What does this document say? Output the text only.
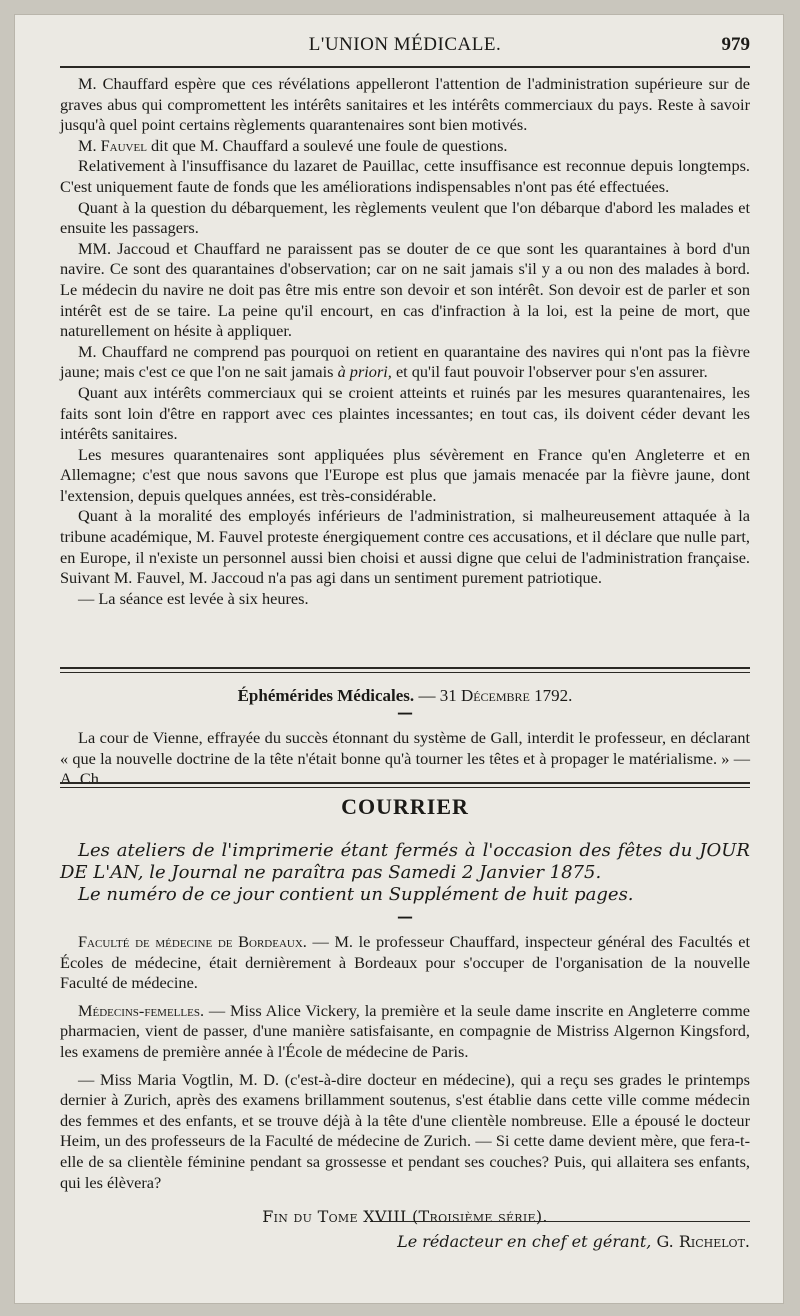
L'UNION MÉDICALE.	979

M. Chauffard espère que ces révélations appelleront l'attention de l'administration supérieure sur de graves abus qui compromettent les intérêts sanitaires et les intérêts commerciaux du pays. Reste à savoir jusqu'à quel point certains règlements quarantenaires sont bien motivés.

M. Fauvel dit que M. Chauffard a soulevé une foule de questions.

Relativement à l'insuffisance du lazaret de Pauillac, cette insuffisance est reconnue depuis longtemps. C'est uniquement faute de fonds que les améliorations indispensables n'ont pas été effectuées.

Quant à la question du débarquement, les règlements veulent que l'on débarque d'abord les malades et ensuite les passagers.

MM. Jaccoud et Chauffard ne paraissent pas se douter de ce que sont les quarantaines à bord d'un navire. Ce sont des quarantaines d'observation; car on ne sait jamais s'il y a ou non des malades à bord. Le médecin du navire ne doit pas être mis entre son devoir et son intérêt. Son devoir est de parler et son intérêt est de se taire. La peine qu'il encourt, en cas d'infraction à la loi, est la peine de mort, que naturellement on hésite à appliquer.

M. Chauffard ne comprend pas pourquoi on retient en quarantaine des navires qui n'ont pas la fièvre jaune; mais c'est ce que l'on ne sait jamais à priori, et qu'il faut pouvoir l'observer pour s'en assurer.

Quant aux intérêts commerciaux qui se croient atteints et ruinés par les mesures quarantenaires, les faits sont loin d'être en rapport avec ces plaintes incessantes; en tout cas, ils doivent céder devant les intérêts sanitaires.

Les mesures quarantenaires sont appliquées plus sévèrement en France qu'en Angleterre et en Allemagne; c'est que nous savons que l'Europe est plus que jamais menacée par la fièvre jaune, dont l'extension, depuis quelques années, est très-considérable.

Quant à la moralité des employés inférieurs de l'administration, si malheureusement attaquée à la tribune académique, M. Fauvel proteste énergiquement contre ces accusations, et il déclare que nulle part, en Europe, il n'existe un personnel aussi bien choisi et aussi digne que celui de l'administration française. Suivant M. Fauvel, M. Jaccoud n'a pas agi dans un sentiment purement patriotique.

— La séance est levée à six heures.

Éphémérides Médicales. — 31 Décembre 1792.
—

La cour de Vienne, effrayée du succès étonnant du système de Gall, interdit le professeur, en déclarant « que la nouvelle doctrine de la tête n'était bonne qu'à tourner les têtes et à propager le matérialisme. » — A. Ch.

COURRIER
Les ateliers de l'imprimerie étant fermés à l'occasion des fêtes du JOUR DE L'AN, le Journal ne paraîtra pas Samedi 2 Janvier 1875.
Le numéro de ce jour contient un Supplément de huit pages.
—

Faculté de médecine de Bordeaux. — M. le professeur Chauffard, inspecteur général des Facultés et Écoles de médecine, était dernièrement à Bordeaux pour s'occuper de l'organisation de la nouvelle Faculté de médecine.

Médecins-femelles. — Miss Alice Vickery, la première et la seule dame inscrite en Angleterre comme pharmacien, vient de passer, d'une manière satisfaisante, en compagnie de Mistriss Algernon Kingsford, les examens de première année à l'École de médecine de Paris.

— Miss Maria Vogtlin, M. D. (c'est-à-dire docteur en médecine), qui a reçu ses grades le printemps dernier à Zurich, après des examens brillamment soutenus, s'est établie dans cette ville comme médecin des femmes et des enfants, et se trouve déjà à la tête d'une clientèle nombreuse. Elle a épousé le docteur Heim, un des professeurs de la Faculté de médecine de Zurich. — Si cette dame devient mère, que fera-t-elle de sa clientèle féminine pendant sa grossesse et pendant ses couches? Puis, qui allaitera ses enfants, qui les élèvera?

Fin du Tome XVIII (Troisième série).
Le rédacteur en chef et gérant, G. Richelot.
